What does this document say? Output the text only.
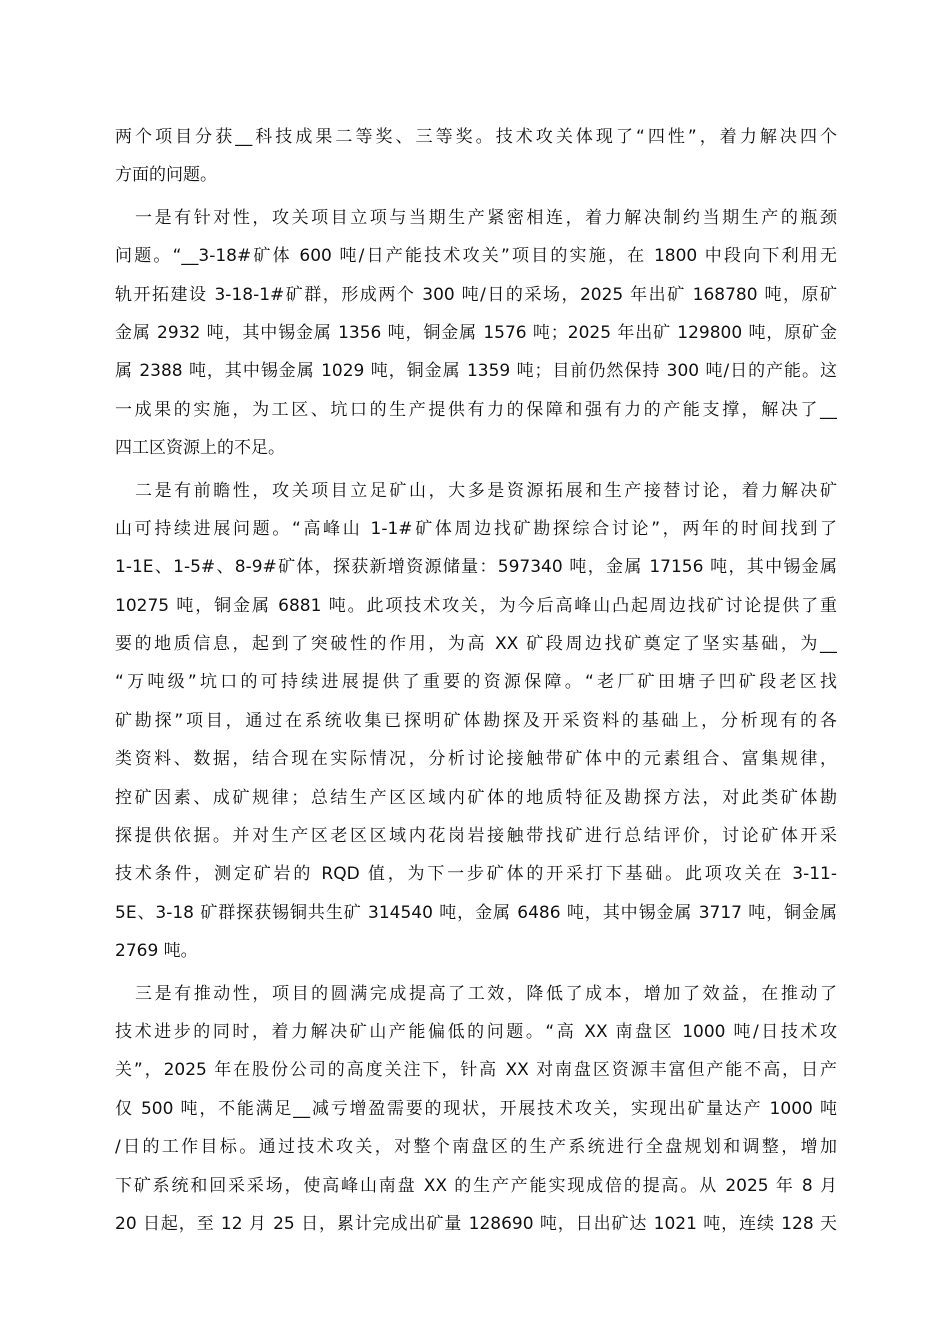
两个项目分获__科技成果二等奖、三等奖。技术攻关体现了“四性”，着力解决四个
方面的问题。
一是有针对性，攻关项目立项与当期生产紧密相连，着力解决制约当期生产的瓶颈
问题。“__3-18#矿体 600 吨/日产能技术攻关”项目的实施，在 1800 中段向下利用无
轨开拓建设 3-18-1#矿群，形成两个 300 吨/日的采场，2025 年出矿 168780 吨，原矿
金属 2932 吨，其中锡金属 1356 吨，铜金属 1576 吨；2025 年出矿 129800 吨，原矿金
属 2388 吨，其中锡金属 1029 吨，铜金属 1359 吨；目前仍然保持 300 吨/日的产能。这
一成果的实施，为工区、坑口的生产提供有力的保障和强有力的产能支撑，解决了__
四工区资源上的不足。
二是有前瞻性，攻关项目立足矿山，大多是资源拓展和生产接替讨论，着力解决矿
山可持续进展问题。“高峰山 1-1#矿体周边找矿勘探综合讨论”，两年的时间找到了
1-1E、1-5#、8-9#矿体，探获新增资源储量：597340 吨，金属 17156 吨，其中锡金属
10275 吨，铜金属 6881 吨。此项技术攻关，为今后高峰山凸起周边找矿讨论提供了重
要的地质信息，起到了突破性的作用，为高 XX 矿段周边找矿奠定了坚实基础，为__
“万吨级”坑口的可持续进展提供了重要的资源保障。“老厂矿田塘子凹矿段老区找
矿勘探”项目，通过在系统收集已探明矿体勘探及开采资料的基础上，分析现有的各
类资料、数据，结合现在实际情况，分析讨论接触带矿体中的元素组合、富集规律，
控矿因素、成矿规律；总结生产区区域内矿体的地质特征及勘探方法，对此类矿体勘
探提供依据。并对生产区老区区域内花岗岩接触带找矿进行总结评价，讨论矿体开采
技术条件，测定矿岩的 RQD 值，为下一步矿体的开采打下基础。此项攻关在 3-11-
5E、3-18 矿群探获锡铜共生矿 314540 吨，金属 6486 吨，其中锡金属 3717 吨，铜金属
2769 吨。
三是有推动性，项目的圆满完成提高了工效，降低了成本，增加了效益，在推动了
技术进步的同时，着力解决矿山产能偏低的问题。“高 XX 南盘区 1000 吨/日技术攻
关”，2025 年在股份公司的高度关注下，针高 XX 对南盘区资源丰富但产能不高，日产
仅 500 吨，不能满足__减亏增盈需要的现状，开展技术攻关，实现出矿量达产 1000 吨
/日的工作目标。通过技术攻关，对整个南盘区的生产系统进行全盘规划和调整，增加
下矿系统和回采采场，使高峰山南盘 XX 的生产产能实现成倍的提高。从 2025 年 8 月
20 日起，至 12 月 25 日，累计完成出矿量 128690 吨，日出矿达 1021 吨，连续 128 天
